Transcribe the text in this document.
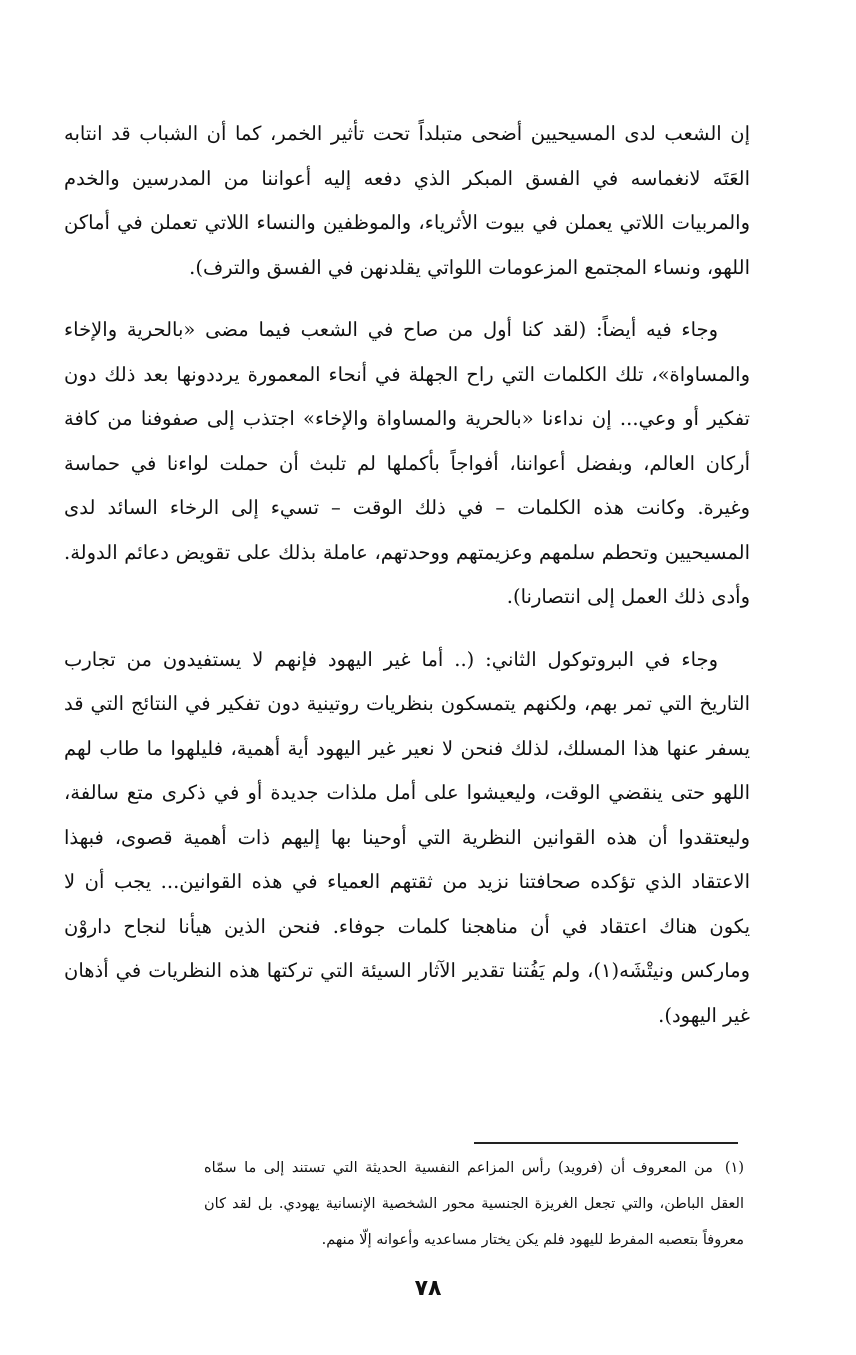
إن الشعب لدى المسيحيين أضحى متبلداً تحت تأثير الخمر، كما أن الشباب قد انتابه العَتَه لانغماسه في الفسق المبكر الذي دفعه إليه أعواننا من المدرسين والخدم والمربيات اللاتي يعملن في بيوت الأثرياء، والموظفين والنساء اللاتي تعملن في أماكن اللهو، ونساء المجتمع المزعومات اللواتي يقلدنهن في الفسق والترف).

وجاء فيه أيضاً: (لقد كنا أول من صاح في الشعب فيما مضى «بالحرية والإخاء والمساواة»، تلك الكلمات التي راح الجهلة في أنحاء المعمورة يرددونها بعد ذلك دون تفكير أو وعي... إن نداءنا «بالحرية والمساواة والإخاء» اجتذب إلى صفوفنا من كافة أركان العالم، وبفضل أعواننا، أفواجاً بأكملها لم تلبث أن حملت لواءنا في حماسة وغيرة. وكانت هذه الكلمات – في ذلك الوقت – تسيء إلى الرخاء السائد لدى المسيحيين وتحطم سلمهم وعزيمتهم ووحدتهم، عاملة بذلك على تقويض دعائم الدولة. وأدى ذلك العمل إلى انتصارنا).

وجاء في البروتوكول الثاني: (.. أما غير اليهود فإنهم لا يستفيدون من تجارب التاريخ التي تمر بهم، ولكنهم يتمسكون بنظريات روتينية دون تفكير في النتائج التي قد يسفر عنها هذا المسلك، لذلك فنحن لا نعير غير اليهود أية أهمية، فليلهوا ما طاب لهم اللهو حتى ينقضي الوقت، وليعيشوا على أمل ملذات جديدة أو في ذكرى متع سالفة، وليعتقدوا أن هذه القوانين النظرية التي أوحينا بها إليهم ذات أهمية قصوى، فبهذا الاعتقاد الذي تؤكده صحافتنا نزيد من ثقتهم العمياء في هذه القوانين... يجب أن لا يكون هناك اعتقاد في أن مناهجنا كلمات جوفاء. فنحن الذين هيأنا لنجاح داروْن وماركس ونيتْشَه(١)، ولم يَفُتنا تقدير الآثار السيئة التي تركتها هذه النظريات في أذهان غير اليهود).

(١)من المعروف أن (فرويد) رأس المزاعم النفسية الحديثة التي تستند إلى ما سمّاه العقل الباطن، والتي تجعل الغريزة الجنسية محور الشخصية الإنسانية يهودي. بل لقد كان معروفاً بتعصبه المفرط لليهود فلم يكن يختار مساعديه وأعوانه إلّا منهم.
٧٨
